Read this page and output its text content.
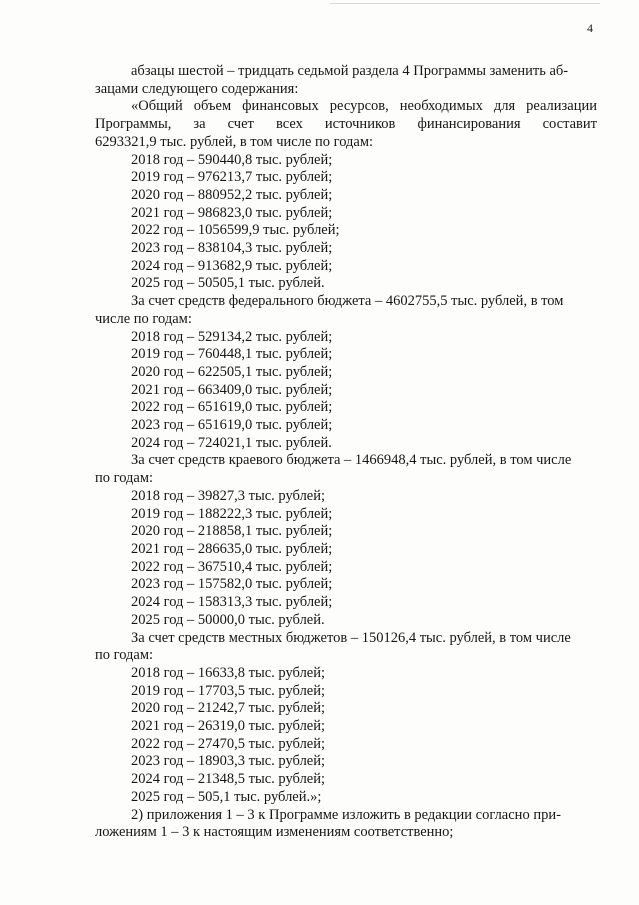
4

абзацы шестой – тридцать седьмой раздела 4 Программы заменить аб-
зацами следующего содержания:

«Общий объем финансовых ресурсов, необходимых для реализации
Программы, за счет всех источников финансирования составит
6293321,9 тыс. рублей, в том числе по годам:
2018 год – 590440,8 тыс. рублей;
2019 год – 976213,7 тыс. рублей;
2020 год – 880952,2 тыс. рублей;
2021 год – 986823,0 тыс. рублей;
2022 год – 1056599,9 тыс. рублей;
2023 год – 838104,3 тыс. рублей;
2024 год – 913682,9 тыс. рублей;
2025 год – 50505,1 тыс. рублей.
За счет средств федерального бюджета – 4602755,5 тыс. рублей, в том
числе по годам:
2018 год – 529134,2 тыс. рублей;
2019 год – 760448,1 тыс. рублей;
2020 год – 622505,1 тыс. рублей;
2021 год – 663409,0 тыс. рублей;
2022 год – 651619,0 тыс. рублей;
2023 год – 651619,0 тыс. рублей;
2024 год – 724021,1 тыс. рублей.
За счет средств краевого бюджета – 1466948,4 тыс. рублей, в том числе
по годам:
2018 год – 39827,3 тыс. рублей;
2019 год – 188222,3 тыс. рублей;
2020 год – 218858,1 тыс. рублей;
2021 год – 286635,0 тыс. рублей;
2022 год – 367510,4 тыс. рублей;
2023 год – 157582,0 тыс. рублей;
2024 год – 158313,3 тыс. рублей;
2025 год – 50000,0 тыс. рублей.
За счет средств местных бюджетов – 150126,4 тыс. рублей, в том числе
по годам:
2018 год – 16633,8 тыс. рублей;
2019 год – 17703,5 тыс. рублей;
2020 год – 21242,7 тыс. рублей;
2021 год – 26319,0 тыс. рублей;
2022 год – 27470,5 тыс. рублей;
2023 год – 18903,3 тыс. рублей;
2024 год – 21348,5 тыс. рублей;
2025 год – 505,1 тыс. рублей.»;
2) приложения 1 – 3 к Программе изложить в редакции согласно при-
ложениям 1 – 3 к настоящим изменениям соответственно;
